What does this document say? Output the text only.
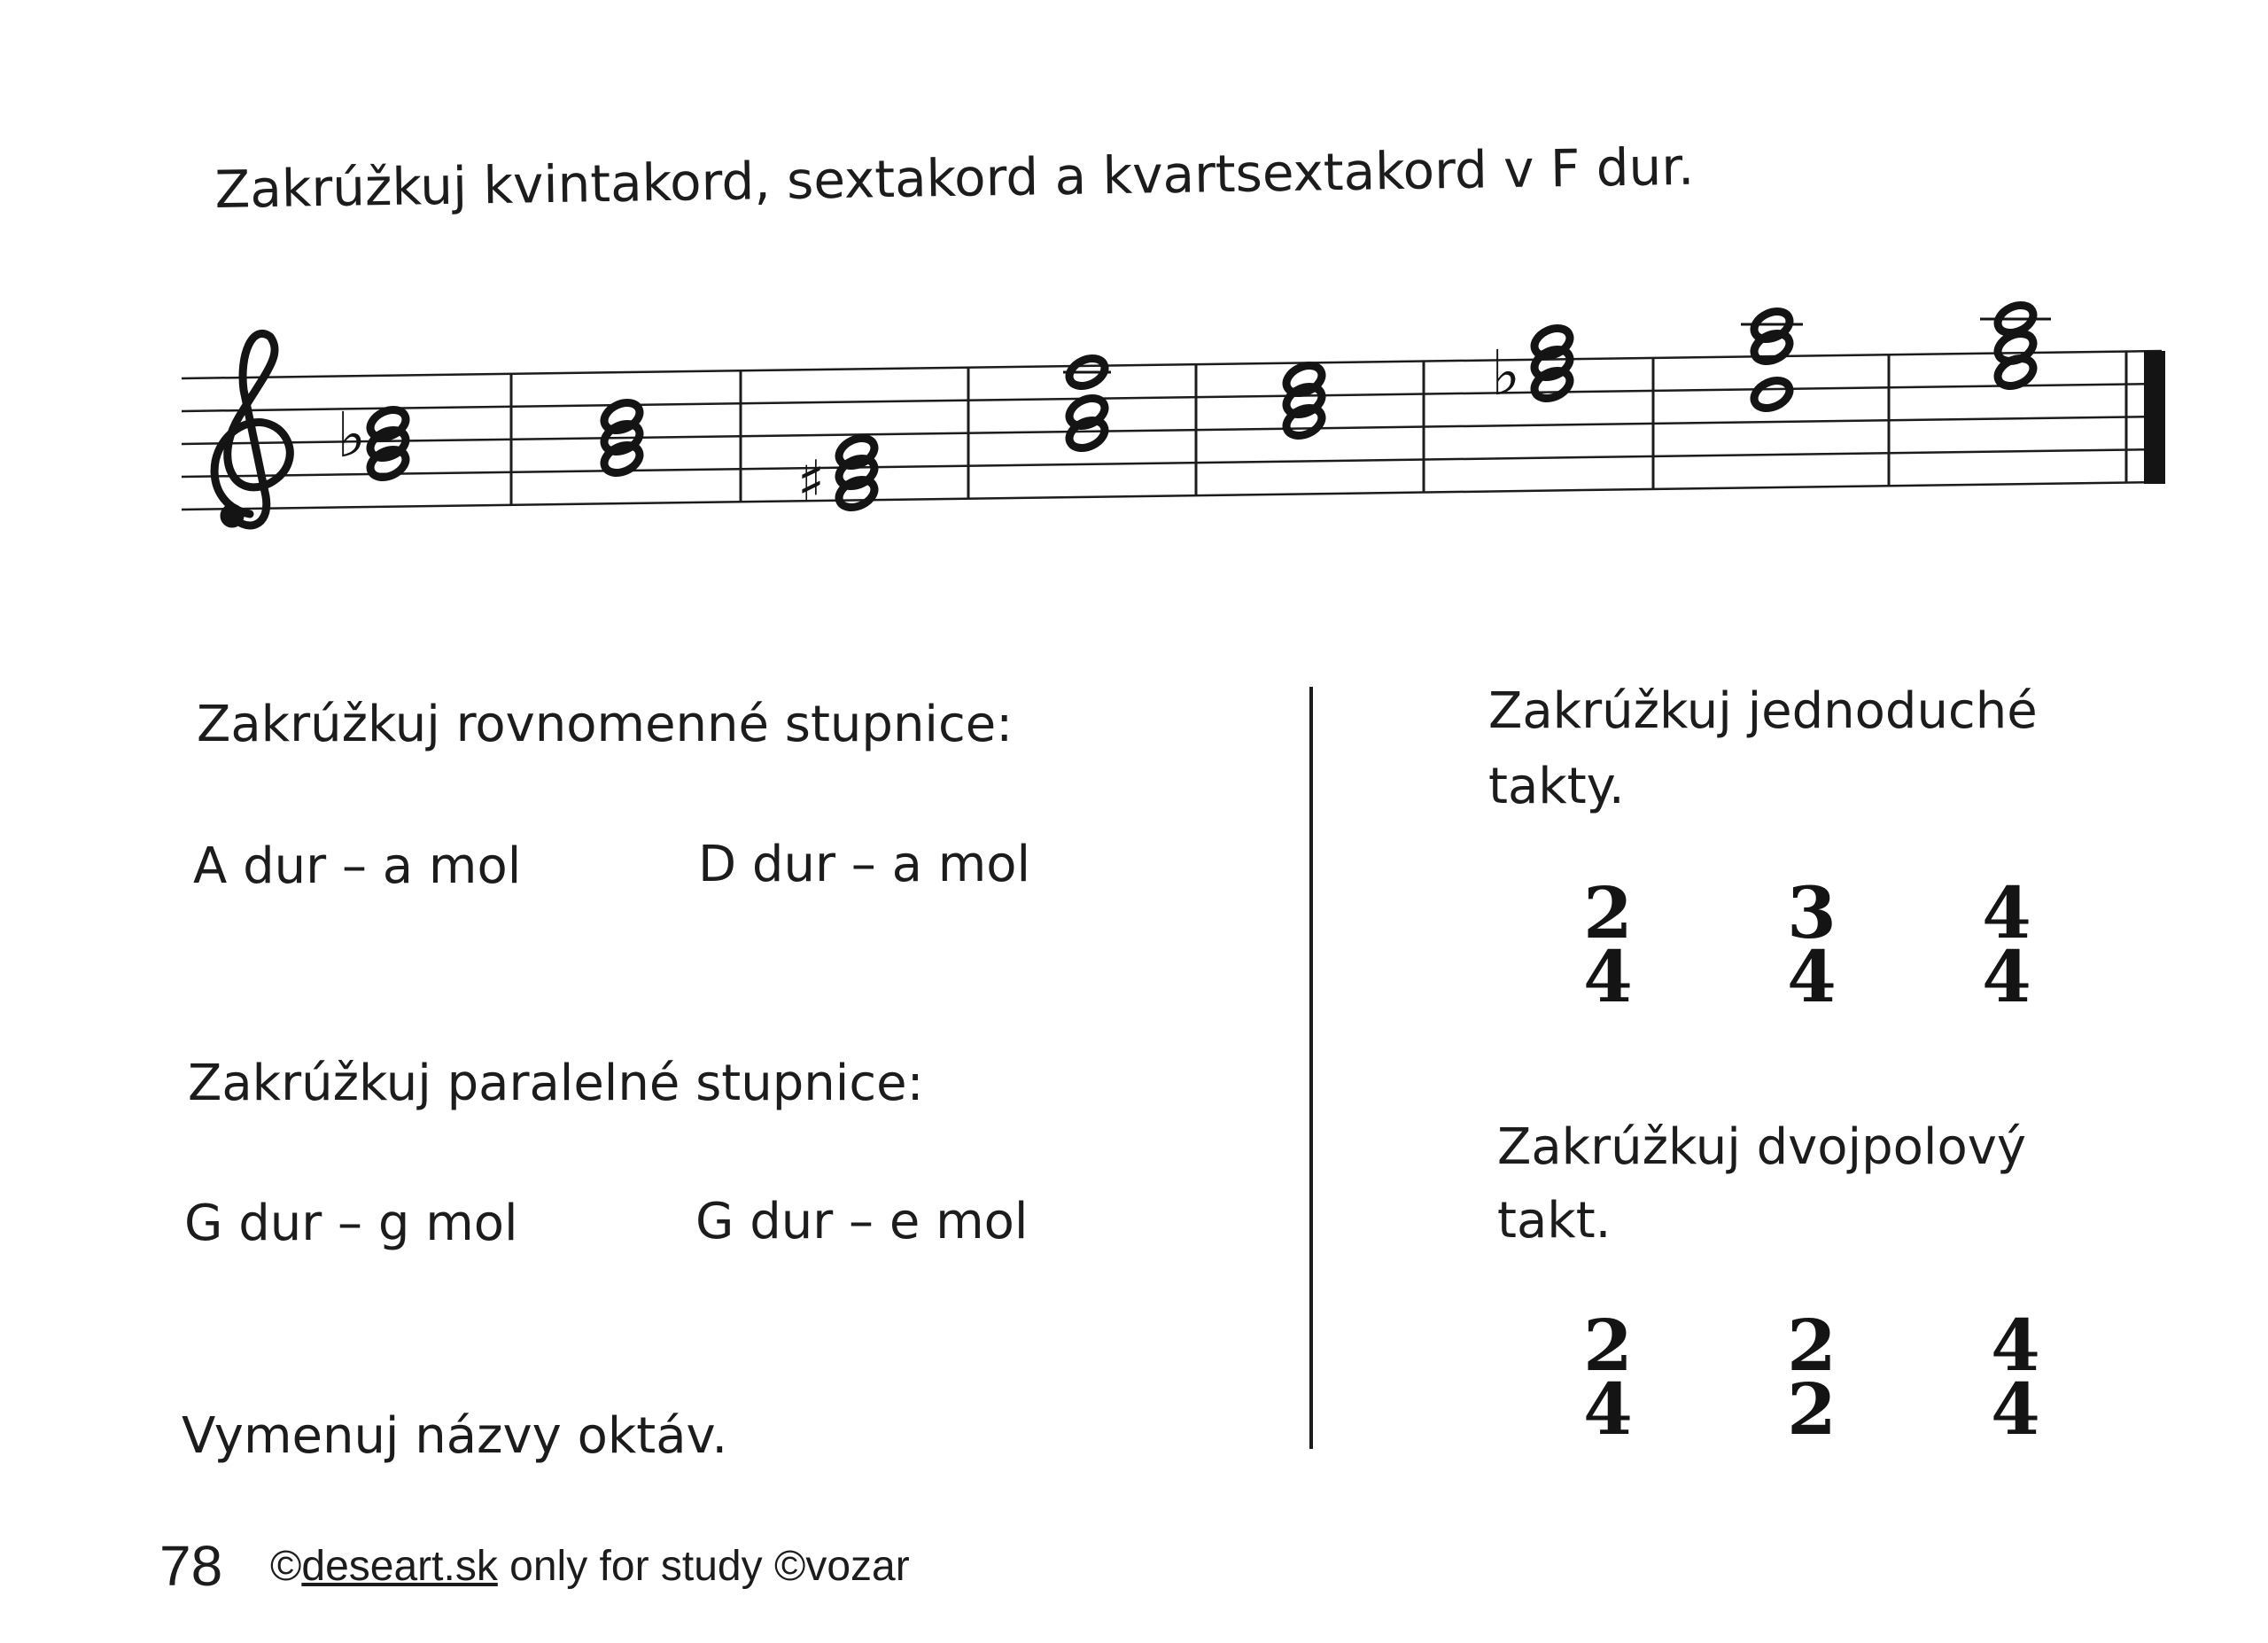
Zakrúžkuj kvintakord, sextakord a kvartsextakord v F dur.
♭
♯
♭
Zakrúžkuj rovnomenné stupnice:
A dur – a mol	D dur – a mol
Zakrúžkuj paralelné stupnice:
G dur – g mol	G dur – e mol
Vymenuj názvy oktáv.
Zakrúžkuj jednoduché
takty.
2
4
3
4
4
4
Zakrúžkuj dvojpolový
takt.
2
4
2
2
4
4
78 ©deseart.sk only for study ©vozar
